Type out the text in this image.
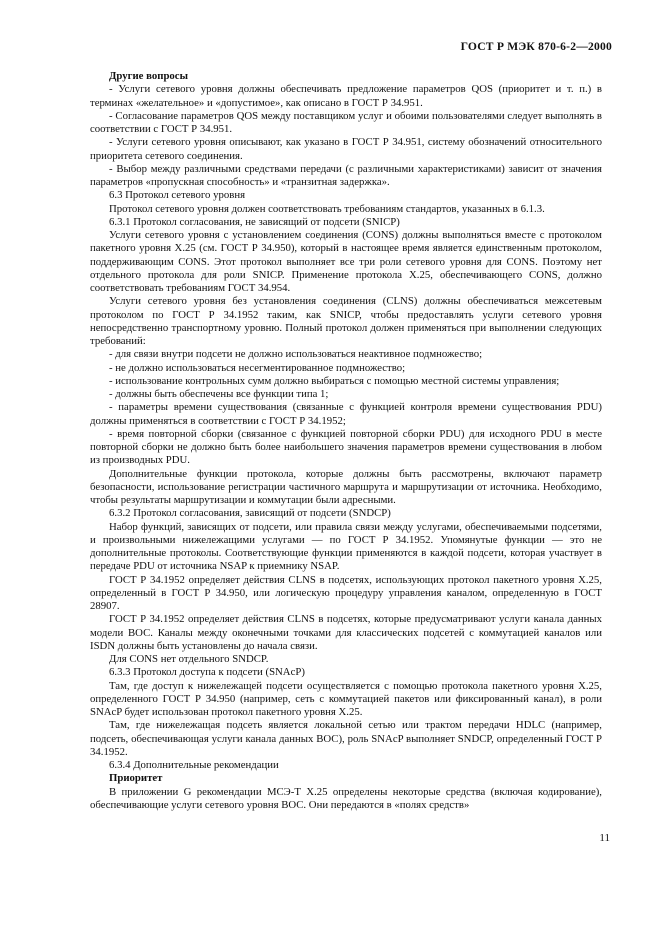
ГОСТ Р МЭК 870-6-2—2000

Другие вопросы

- Услуги сетевого уровня должны обеспечивать предложение параметров QOS (приоритет и т. п.) в терминах «желательное» и «допустимое», как описано в ГОСТ Р 34.951.

- Согласование параметров QOS между поставщиком услуг и обоими пользователями следует выполнять в соответствии с ГОСТ Р 34.951.

- Услуги сетевого уровня описывают, как указано в ГОСТ Р 34.951, систему обозначений относительного приоритета сетевого соединения.

- Выбор между различными средствами передачи (с различными характеристиками) зависит от значения параметров «пропускная способность» и «транзитная задержка».

6.3 Протокол сетевого уровня

Протокол сетевого уровня должен соответствовать требованиям стандартов, указанных в 6.1.3.

6.3.1 Протокол согласования, не зависящий от подсети (SNICP)

Услуги сетевого уровня с установлением соединения (CONS) должны выполняться вместе с протоколом пакетного уровня Х.25 (см. ГОСТ Р 34.950), который в настоящее время является единственным протоколом, поддерживающим CONS. Этот протокол выполняет все три роли сетевого уровня для CONS. Поэтому нет отдельного протокола для роли SNICP. Применение протокола Х.25, обеспечивающего CONS, должно соответствовать требованиям ГОСТ 34.954.

Услуги сетевого уровня без установления соединения (CLNS) должны обеспечиваться межсетевым протоколом по ГОСТ Р 34.1952 таким, как SNICP, чтобы предоставлять услуги сетевого уровня непосредственно транспортному уровню. Полный протокол должен применяться при выполнении следующих требований:

- для связи внутри подсети не должно использоваться неактивное подмножество;

- не должно использоваться несегментированное подмножество;

- использование контрольных сумм должно выбираться с помощью местной системы управления;

- должны быть обеспечены все функции типа 1;

- параметры времени существования (связанные с функцией контроля времени существования PDU) должны применяться в соответствии с ГОСТ Р 34.1952;

- время повторной сборки (связанное с функцией повторной сборки PDU) для исходного PDU в месте повторной сборки не должно быть более наибольшего значения параметров времени существования в любом из производных PDU.

Дополнительные функции протокола, которые должны быть рассмотрены, включают параметр безопасности, использование регистрации частичного маршрута и маршрутизации от источника. Необходимо, чтобы результаты маршрутизации и коммутации были адресными.

6.3.2 Протокол согласования, зависящий от подсети (SNDCP)

Набор функций, зависящих от подсети, или правила связи между услугами, обеспечиваемыми подсетями, и произвольными нижележащими услугами — по ГОСТ Р 34.1952. Упомянутые функции — это не дополнительные протоколы. Соответствующие функции применяются в каждой подсети, которая участвует в передаче PDU от источника NSAP к приемнику NSAP.

ГОСТ Р 34.1952 определяет действия CLNS в подсетях, использующих протокол пакетного уровня Х.25, определенный в ГОСТ Р 34.950, или логическую процедуру управления каналом, определенную в ГОСТ 28907.

ГОСТ Р 34.1952 определяет действия CLNS в подсетях, которые предусматривают услуги канала данных модели ВОС. Каналы между оконечными точками для классических подсетей с коммутацией каналов или ISDN должны быть установлены до начала связи.

Для CONS нет отдельного SNDCP.

6.3.3 Протокол доступа к подсети (SNAcP)

Там, где доступ к нижележащей подсети осуществляется с помощью протокола пакетного уровня Х.25, определенного ГОСТ Р 34.950 (например, сеть с коммутацией пакетов или фиксированный канал), в роли SNAcP будет использован протокол пакетного уровня Х.25.

Там, где нижележащая подсеть является локальной сетью или трактом передачи HDLC (например, подсеть, обеспечивающая услуги канала данных ВОС), роль SNAcP выполняет SNDCP, определенный ГОСТ Р 34.1952.

6.3.4 Дополнительные рекомендации

Приоритет

В приложении G рекомендации МСЭ-Т Х.25 определены некоторые средства (включая кодирование), обеспечивающие услуги сетевого уровня ВОС. Они передаются в «полях средств»

11
